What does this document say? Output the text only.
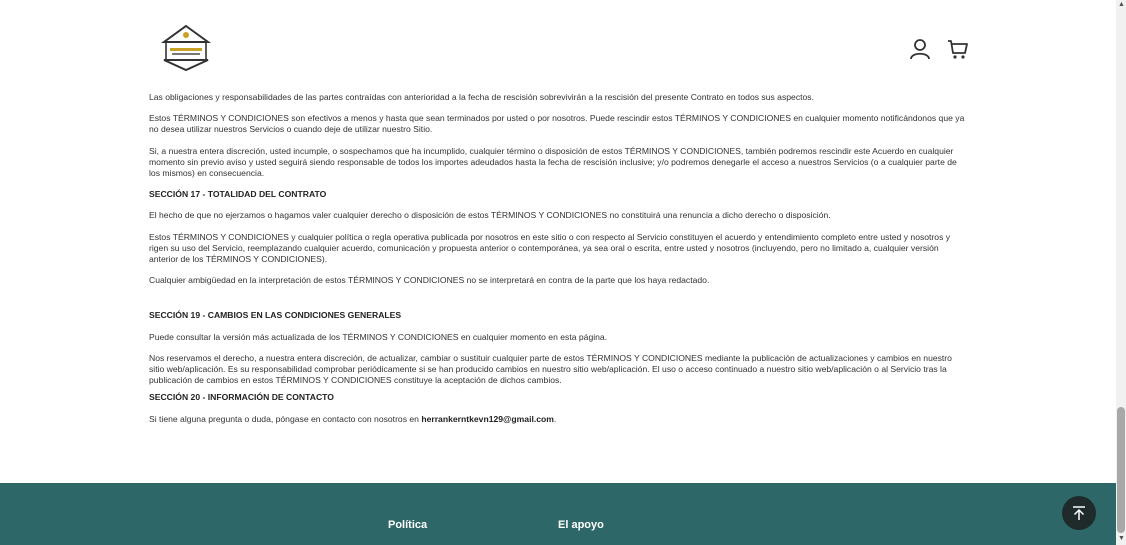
Las obligaciones y responsabilidades de las partes contraídas con anterioridad a la fecha de rescisión sobrevivirán a la rescisión del presente Contrato en todos sus aspectos.

Estos TÉRMINOS Y CONDICIONES son efectivos a menos y hasta que sean terminados por usted o por nosotros. Puede rescindir estos TÉRMINOS Y CONDICIONES en cualquier momento notificándonos que ya no desea utilizar nuestros Servicios o cuando deje de utilizar nuestro Sitio.

Si, a nuestra entera discreción, usted incumple, o sospechamos que ha incumplido, cualquier término o disposición de estos TÉRMINOS Y CONDICIONES, también podremos rescindir este Acuerdo en cualquier momento sin previo aviso y usted seguirá siendo responsable de todos los importes adeudados hasta la fecha de rescisión inclusive; y/o podremos denegarle el acceso a nuestros Servicios (o a cualquier parte de los mismos) en consecuencia.

SECCIÓN 17 - TOTALIDAD DEL CONTRATO

El hecho de que no ejerzamos o hagamos valer cualquier derecho o disposición de estos TÉRMINOS Y CONDICIONES no constituirá una renuncia a dicho derecho o disposición.

Estos TÉRMINOS Y CONDICIONES y cualquier política o regla operativa publicada por nosotros en este sitio o con respecto al Servicio constituyen el acuerdo y entendimiento completo entre usted y nosotros y rigen su uso del Servicio, reemplazando cualquier acuerdo, comunicación y propuesta anterior o contemporánea, ya sea oral o escrita, entre usted y nosotros (incluyendo, pero no limitado a, cualquier versión anterior de los TÉRMINOS Y CONDICIONES).

Cualquier ambigüedad en la interpretación de estos TÉRMINOS Y CONDICIONES no se interpretará en contra de la parte que los haya redactado.

SECCIÓN 19 - CAMBIOS EN LAS CONDICIONES GENERALES

Puede consultar la versión más actualizada de los TÉRMINOS Y CONDICIONES en cualquier momento en esta página.

Nos reservamos el derecho, a nuestra entera discreción, de actualizar, cambiar o sustituir cualquier parte de estos TÉRMINOS Y CONDICIONES mediante la publicación de actualizaciones y cambios en nuestro sitio web/aplicación. Es su responsabilidad comprobar periódicamente si se han producido cambios en nuestro sitio web/aplicación. El uso o acceso continuado a nuestro sitio web/aplicación o al Servicio tras la publicación de cambios en estos TÉRMINOS Y CONDICIONES constituye la aceptación de dichos cambios.

SECCIÓN 20 - INFORMACIÓN DE CONTACTO

Si tiene alguna pregunta o duda, póngase en contacto con nosotros en herrankerntkevn129@gmail.com.

Política	El apoyo
▲
▼
